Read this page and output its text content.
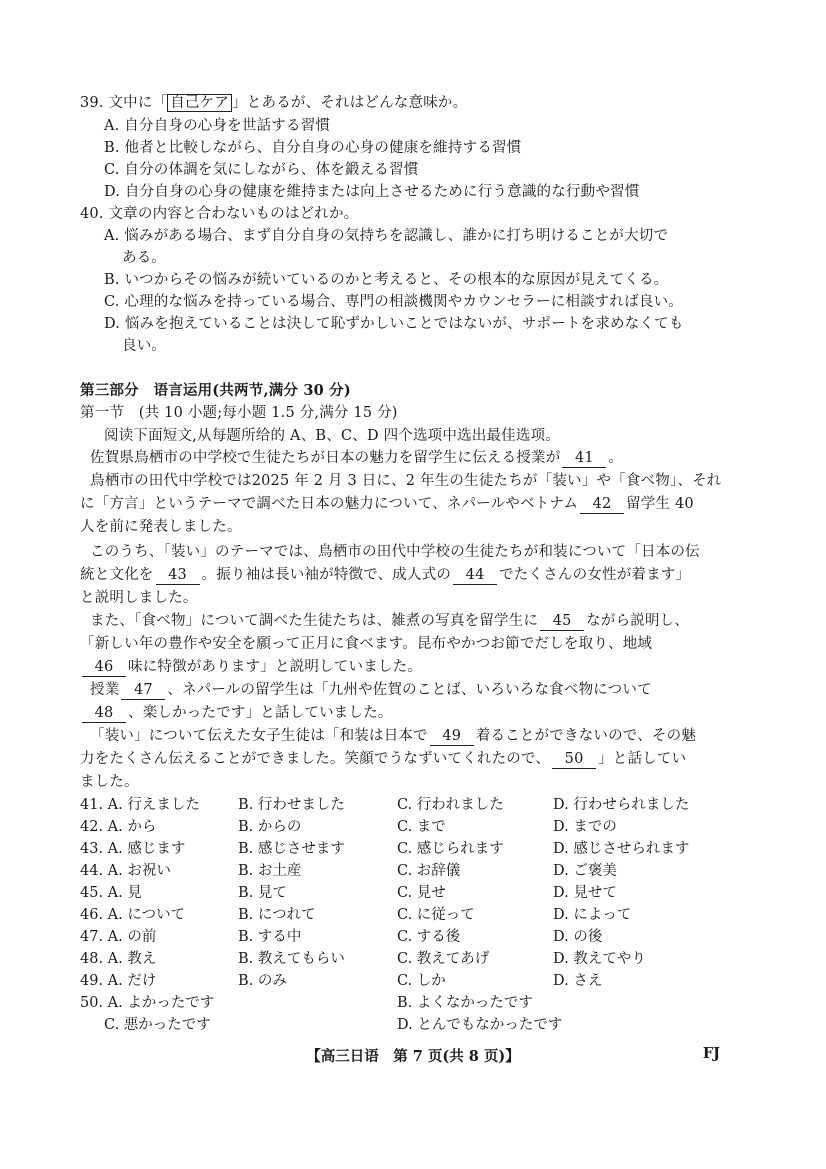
39. 文中に「 自己ケア 」とあるが、それはどんな意味か。
A. 自分自身の心身を世話する習慣
B. 他者と比較しながら、自分自身の心身の健康を維持する習慣
C. 自分の体調を気にしながら、体を鍛える習慣
D. 自分自身の心身の健康を維持または向上させるために行う意識的な行動や習慣
40. 文章の内容と合わないものはどれか。
A. 悩みがある場合、まず自分自身の気持ちを認識し、誰かに打ち明けることが大切で
ある。
B. いつからその悩みが続いているのかと考えると、その根本的な原因が見えてくる。
C. 心理的な悩みを持っている場合、専門の相談機関やカウンセラーに相談すれば良い。
D. 悩みを抱えていることは決して恥ずかしいことではないが、サポートを求めなくても
良い。
第三部分　语言运用(共两节,满分 30 分)
第一节　(共 10 小题;每小题 1.5 分,满分 15 分)
阅读下面短文,从每题所给的 A、B、C、D 四个选项中选出最佳选项。
佐賀県鳥栖市の中学校で生徒たちが日本の魅力を留学生に伝える授業が 41 。
鳥栖市の田代中学校では2025 年 2 月 3 日に、2 年生の生徒たちが「装い」や「食べ物」、それ
に「方言」というテーマで調べた日本の魅力について、ネパールやベトナム 42 留学生 40
人を前に発表しました。
このうち、「装い」のテーマでは、鳥栖市の田代中学校の生徒たちが和装について「日本の伝
統と文化を 43 。振り袖は長い袖が特徴で、成人式の 44 でたくさんの女性が着ます」
と説明しました。
また、「食べ物」について調べた生徒たちは、雑煮の写真を留学生に 45 ながら説明し、
「新しい年の豊作や安全を願って正月に食べます。昆布やかつお節でだしを取り、地域
46 味に特徴があります」と説明していました。
授業 47 、ネパールの留学生は「九州や佐賀のことば、いろいろな食べ物について
48 、楽しかったです」と話していました。
「装い」について伝えた女子生徒は「和装は日本で 49 着ることができないので、その魅
力をたくさん伝えることができました。笑顔でうなずいてくれたので、 50 」と話してい
ました。
41. A. 行えました	B. 行わせました	C. 行われました	D. 行わせられました
42. A. から	B. からの	C. まで	D. までの
43. A. 感じます	B. 感じさせます	C. 感じられます	D. 感じさせられます
44. A. お祝い	B. お土産	C. お辞儀	D. ご褒美
45. A. 見	B. 見て	C. 見せ	D. 見せて
46. A. について	B. につれて	C. に従って	D. によって
47. A. の前	B. する中	C. する後	D. の後
48. A. 教え	B. 教えてもらい	C. 教えてあげ	D. 教えてやり
49. A. だけ	B. のみ	C. しか	D. さえ
50. A. よかったです	B. よくなかったです
C. 悪かったです	D. とんでもなかったです
【高三日语　第 7 页(共 8 页)】	FJ
